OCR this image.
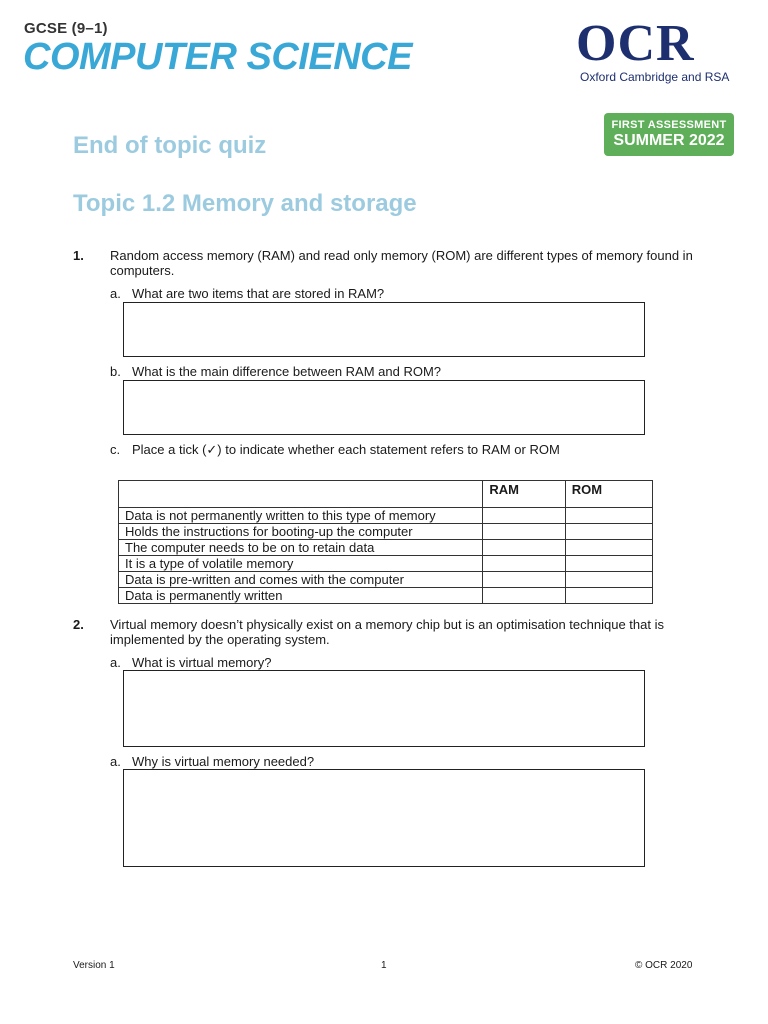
GCSE (9–1)
COMPUTER SCIENCE	OCR
Oxford Cambridge and RSA
FIRST ASSESSMENT
SUMMER 2022
End of topic quiz
Topic 1.2 Memory and storage
1. Random access memory (RAM) and read only memory (ROM) are different types of memory found in computers.
a. What are two items that are stored in RAM?
b. What is the main difference between RAM and ROM?
c. Place a tick (✓) to indicate whether each statement refers to RAM or ROM
	RAM	ROM
Data is not permanently written to this type of memory		
Holds the instructions for booting-up the computer		
The computer needs to be on to retain data		
It is a type of volatile memory		
Data is pre-written and comes with the computer		
Data is permanently written		
2. Virtual memory doesn’t physically exist on a memory chip but is an optimisation technique that is implemented by the operating system.
a. What is virtual memory?
a. Why is virtual memory needed?
Version 1	1	© OCR 2020
